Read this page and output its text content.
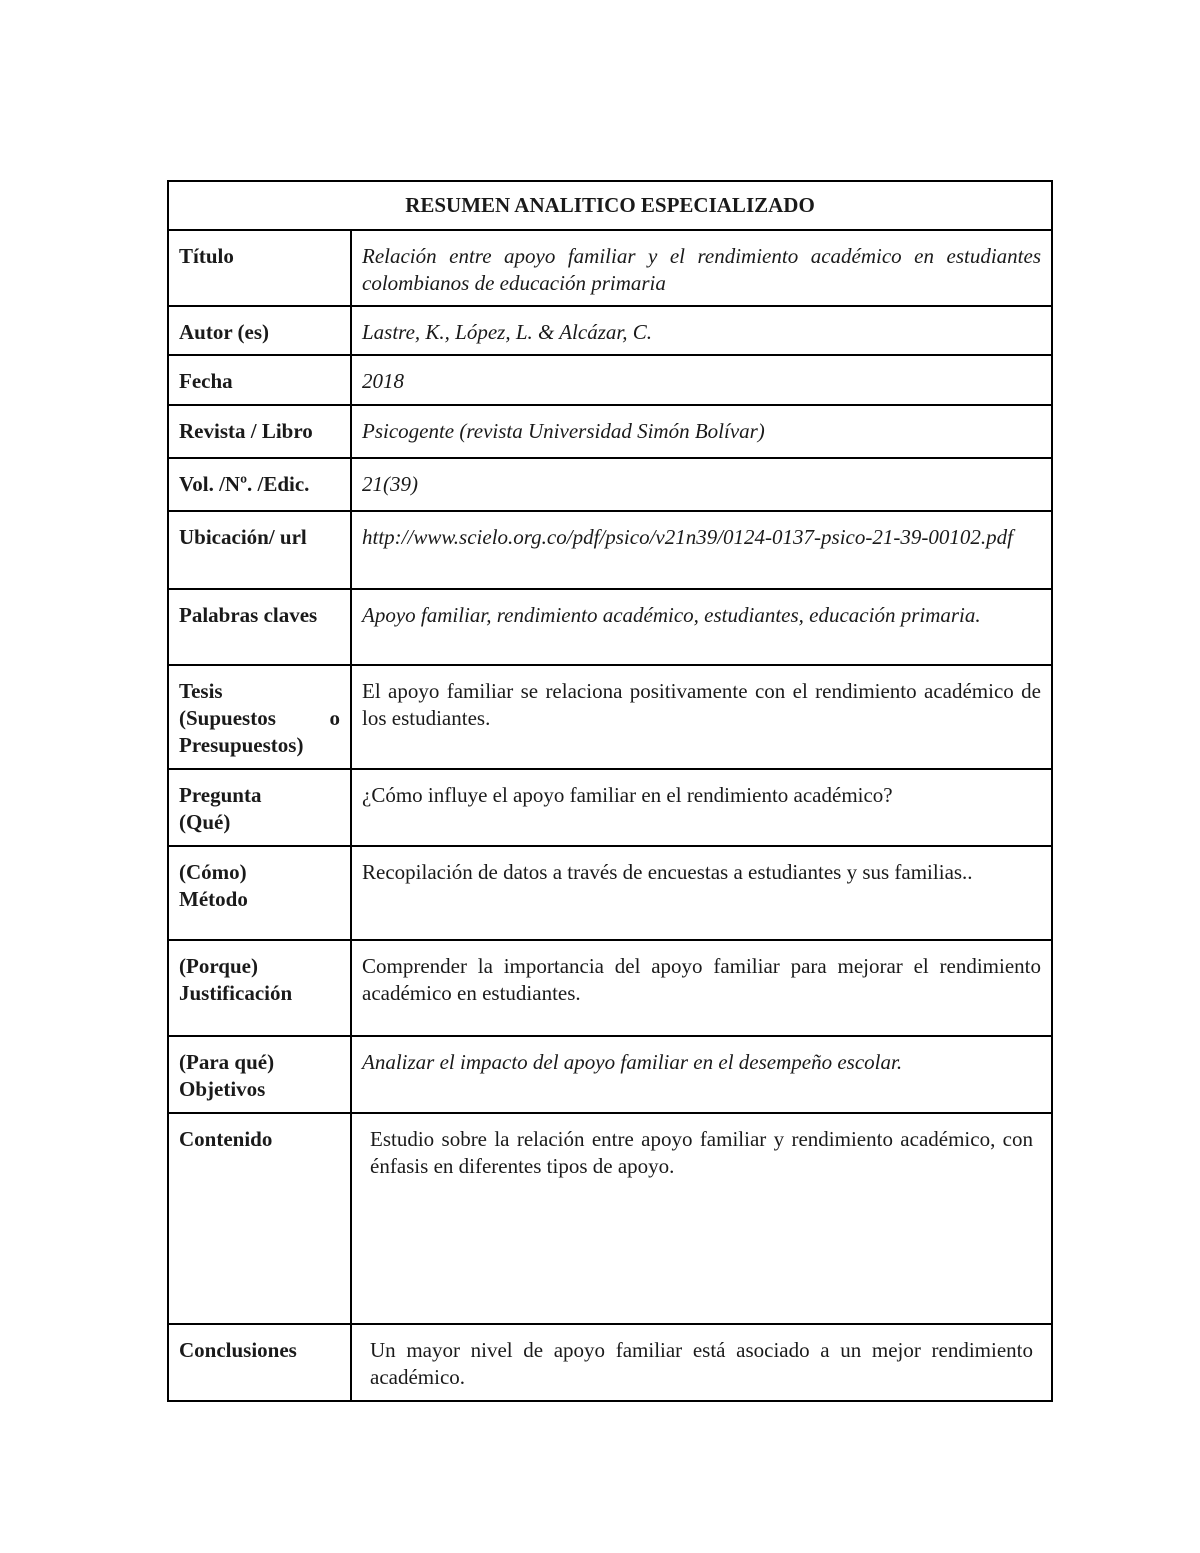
RESUMEN ANALITICO ESPECIALIZADO	
Título	Relación entre apoyo familiar y el rendimiento académico en estudiantes colombianos de educación primaria
Autor (es)	Lastre, K., López, L. & Alcázar, C.
Fecha	2018
Revista / Libro	Psicogente (revista Universidad Simón Bolívar)
Vol. /Nº. /Edic.	21(39)
Ubicación/ url	http://www.scielo.org.co/pdf/psico/v21n39/0124-0137-psico-21-39-00102.pdf
Palabras claves	Apoyo familiar, rendimiento académico, estudiantes, educación primaria.

Tesis
(Supuestos o
Presupuestos)	El apoyo familiar se relaciona positivamente con el rendimiento académico de los estudiantes.

Pregunta
(Qué)	¿Cómo influye el apoyo familiar en el rendimiento académico?

(Cómo)
Método	Recopilación de datos a través de encuestas a estudiantes y sus familias..

(Porque)
Justificación	Comprender la importancia del apoyo familiar para mejorar el rendimiento académico en estudiantes.

(Para qué)
Objetivos	Analizar el impacto del apoyo familiar en el desempeño escolar.
Contenido	Estudio sobre la relación entre apoyo familiar y rendimiento académico, con énfasis en diferentes tipos de apoyo.
Conclusiones	Un mayor nivel de apoyo familiar está asociado a un mejor rendimiento académico.
